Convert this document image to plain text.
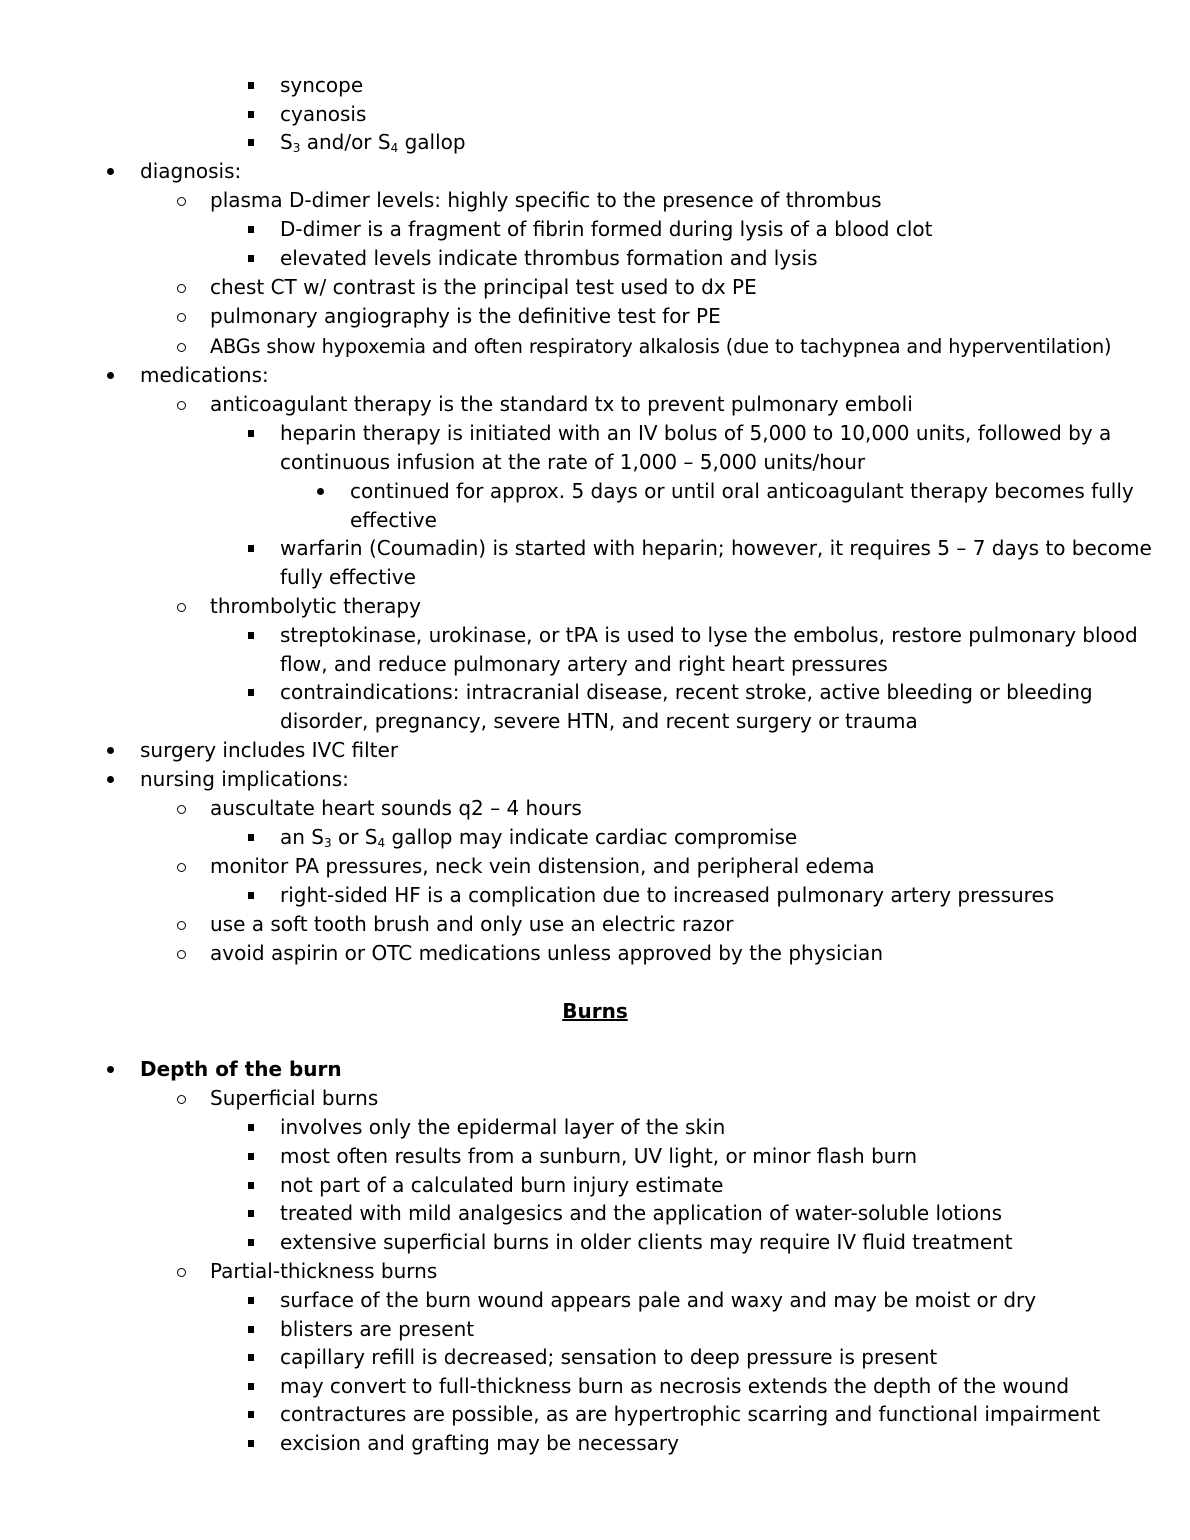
syncope
cyanosis
$S_3$ and/or $S_4$ gallop
diagnosis:
plasma D-dimer levels: highly specific to the presence of thrombus
D-dimer is a fragment of fibrin formed during lysis of a blood clot
elevated levels indicate thrombus formation and lysis
chest CT w/ contrast is the principal test used to dx PE
pulmonary angiography is the definitive test for PE
ABGs show hypoxemia and often respiratory alkalosis (due to tachypnea and hyperventilation)
medications:
anticoagulant therapy is the standard tx to prevent pulmonary emboli
heparin therapy is initiated with an IV bolus of 5,000 to 10,000 units, followed by a
continuous infusion at the rate of 1,000 – 5,000 units/hour
continued for approx. 5 days or until oral anticoagulant therapy becomes fully
effective
warfarin (Coumadin) is started with heparin; however, it requires 5 – 7 days to become
fully effective
thrombolytic therapy
streptokinase, urokinase, or tPA is used to lyse the embolus, restore pulmonary blood
flow, and reduce pulmonary artery and right heart pressures
contraindications: intracranial disease, recent stroke, active bleeding or bleeding
disorder, pregnancy, severe HTN, and recent surgery or trauma
surgery includes IVC filter
nursing implications:
auscultate heart sounds q2 – 4 hours
an $S_3$ or $S_4$ gallop may indicate cardiac compromise
monitor PA pressures, neck vein distension, and peripheral edema
right-sided HF is a complication due to increased pulmonary artery pressures
use a soft tooth brush and only use an electric razor
avoid aspirin or OTC medications unless approved by the physician
Burns
Depth of the burn
Superficial burns
involves only the epidermal layer of the skin
most often results from a sunburn, UV light, or minor flash burn
not part of a calculated burn injury estimate
treated with mild analgesics and the application of water-soluble lotions
extensive superficial burns in older clients may require IV fluid treatment
Partial-thickness burns
surface of the burn wound appears pale and waxy and may be moist or dry
blisters are present
capillary refill is decreased; sensation to deep pressure is present
may convert to full-thickness burn as necrosis extends the depth of the wound
contractures are possible, as are hypertrophic scarring and functional impairment
excision and grafting may be necessary
